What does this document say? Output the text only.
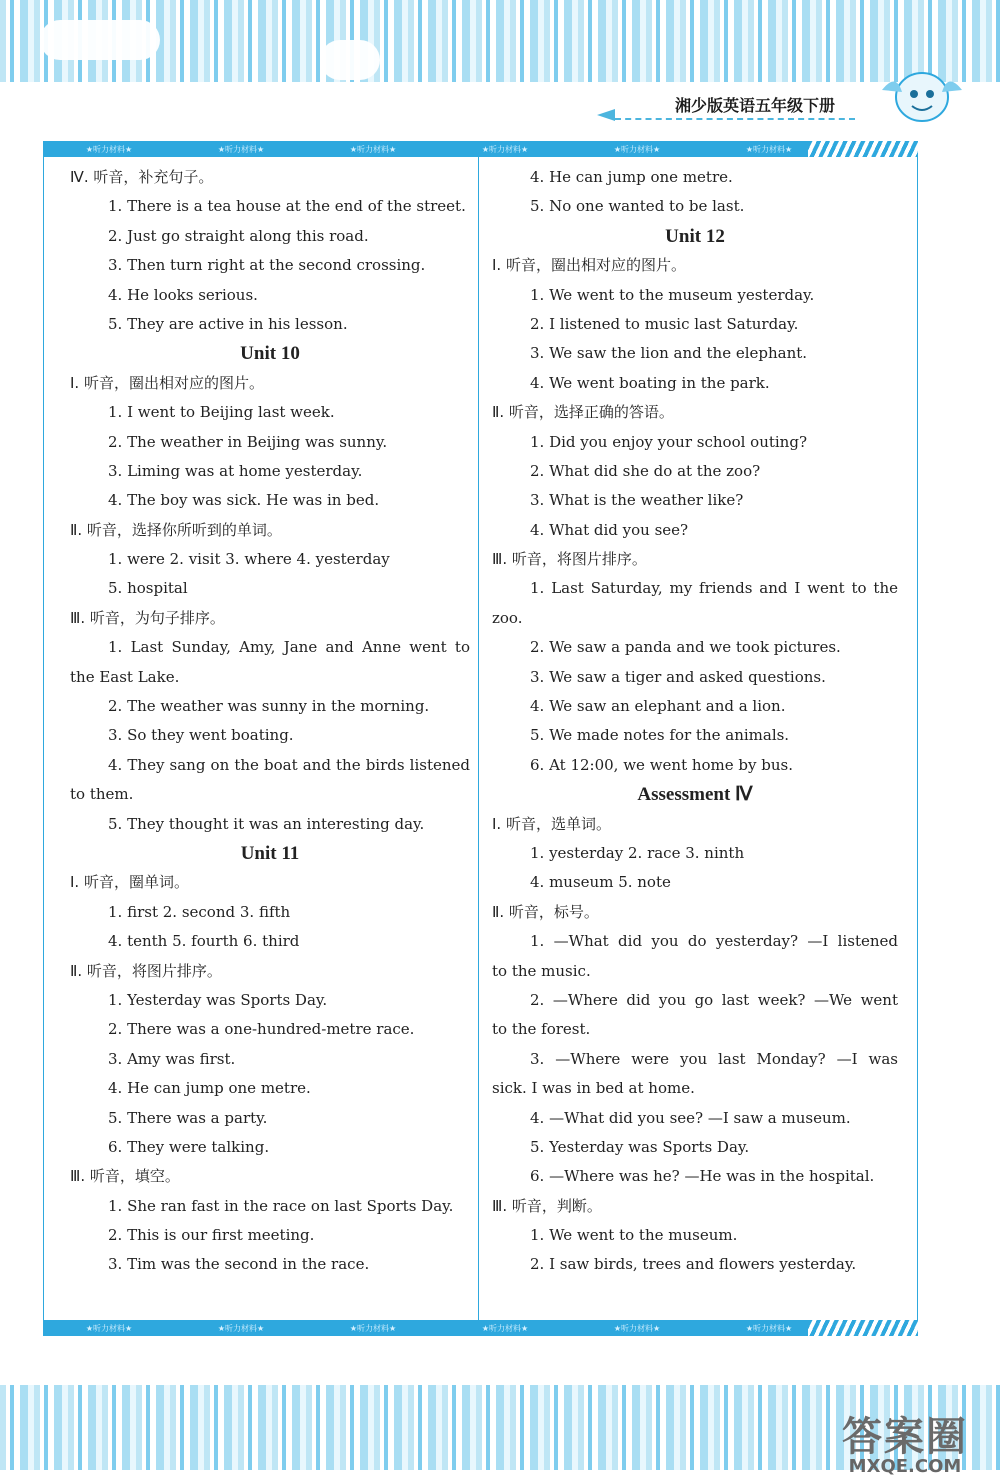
湘少版英语五年级下册
★听力材料★	★听力材料★	★听力材料★	★听力材料★	★听力材料★	★听力材料★
Ⅳ. 听音，补充句子。
1. There is a tea house at the end of the street.
2. Just go straight along this road.
3. Then turn right at the second crossing.
4. He looks serious.
5. They are active in his lesson.
Unit 10
Ⅰ. 听音，圈出相对应的图片。
1. I went to Beijing last week.
2. The weather in Beijing was sunny.
3. Liming was at home yesterday.
4. The boy was sick. He was in bed.
Ⅱ. 听音，选择你所听到的单词。
1. were 2. visit 3. where 4. yesterday
5. hospital
Ⅲ. 听音，为句子排序。
1. Last Sunday, Amy, Jane and Anne went to
the East Lake.
2. The weather was sunny in the morning.
3. So they went boating.
4. They sang on the boat and the birds listened
to them.
5. They thought it was an interesting day.
Unit 11
Ⅰ. 听音，圈单词。
1. first 2. second 3. fifth
4. tenth 5. fourth 6. third
Ⅱ. 听音，将图片排序。
1. Yesterday was Sports Day.
2. There was a one-hundred-metre race.
3. Amy was first.
4. He can jump one metre.
5. There was a party.
6. They were talking.
Ⅲ. 听音，填空。
1. She ran fast in the race on last Sports Day.
2. This is our first meeting.
3. Tim was the second in the race.
4. He can jump one metre.
5. No one wanted to be last.
Unit 12
Ⅰ. 听音，圈出相对应的图片。
1. We went to the museum yesterday.
2. I listened to music last Saturday.
3. We saw the lion and the elephant.
4. We went boating in the park.
Ⅱ. 听音，选择正确的答语。
1. Did you enjoy your school outing?
2. What did she do at the zoo?
3. What is the weather like?
4. What did you see?
Ⅲ. 听音，将图片排序。
1. Last Saturday, my friends and I went to the
zoo.
2. We saw a panda and we took pictures.
3. We saw a tiger and asked questions.
4. We saw an elephant and a lion.
5. We made notes for the animals.
6. At 12:00, we went home by bus.
Assessment Ⅳ
Ⅰ. 听音，选单词。
1. yesterday 2. race 3. ninth
4. museum 5. note
Ⅱ. 听音，标号。
1. —What did you do yesterday? —I listened
to the music.
2. —Where did you go last week? —We went
to the forest.
3. —Where were you last Monday? —I was
sick. I was in bed at home.
4. —What did you see? —I saw a museum.
5. Yesterday was Sports Day.
6. —Where was he? —He was in the hospital.
Ⅲ. 听音，判断。
1. We went to the museum.
2. I saw birds, trees and flowers yesterday.
★听力材料★	★听力材料★	★听力材料★	★听力材料★	★听力材料★	★听力材料★
答案圈
MXQE.COM
